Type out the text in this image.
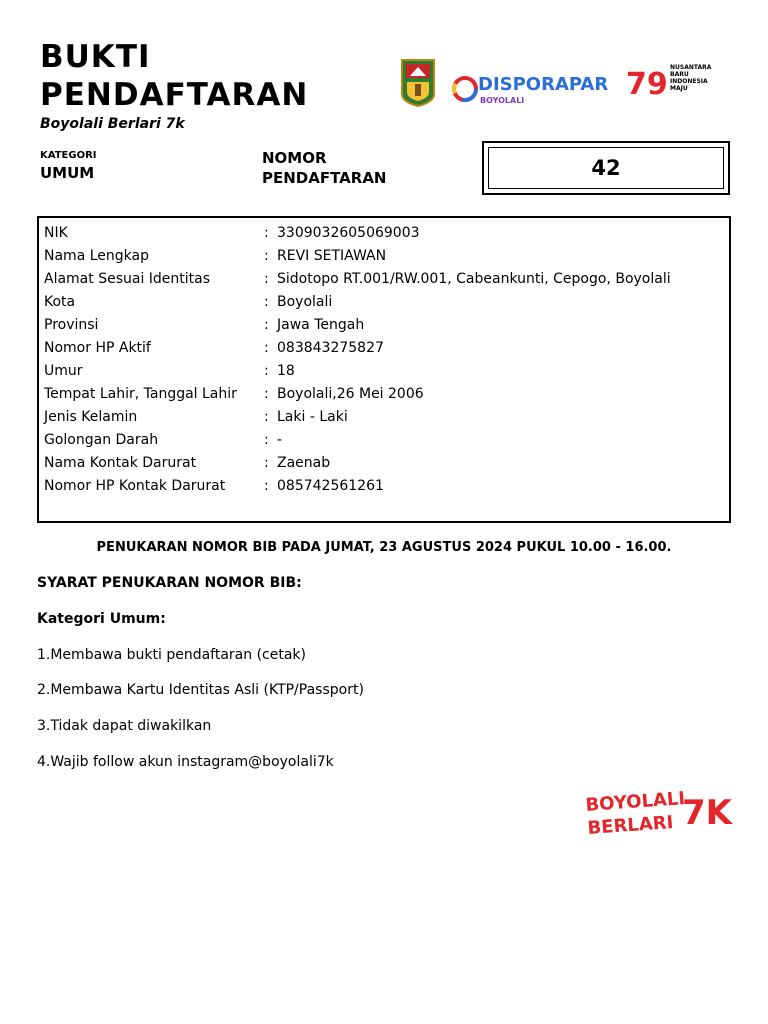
BUKTI
PENDAFTARAN
Boyolali Berlari 7k
DISPORAPAR
BOYOLALI	79 NUSANTARA
BARU
INDONESIA
MAJU
KATEGORI
UMUM
NOMOR
PENDAFTARAN	42
NIK	: 3309032605069003
Nama Lengkap	: REVI SETIAWAN
Alamat Sesuai Identitas	: Sidotopo RT.001/RW.001, Cabeankunti, Cepogo, Boyolali
Kota	: Boyolali
Provinsi	: Jawa Tengah
Nomor HP Aktif	: 083843275827
Umur	: 18
Tempat Lahir, Tanggal Lahir : Boyolali,26 Mei 2006
Jenis Kelamin	: Laki - Laki
Golongan Darah	: -
Nama Kontak Darurat	: Zaenab
Nomor HP Kontak Darurat	: 085742561261
PENUKARAN NOMOR BIB PADA JUMAT, 23 AGUSTUS 2024 PUKUL 10.00 - 16.00.
SYARAT PENUKARAN NOMOR BIB:
Kategori Umum:
1.Membawa bukti pendaftaran (cetak)
2.Membawa Kartu Identitas Asli (KTP/Passport)
3.Tidak dapat diwakilkan
4.Wajib follow akun instagram@boyolali7k
BOYOLALI
BERLARI 7K
